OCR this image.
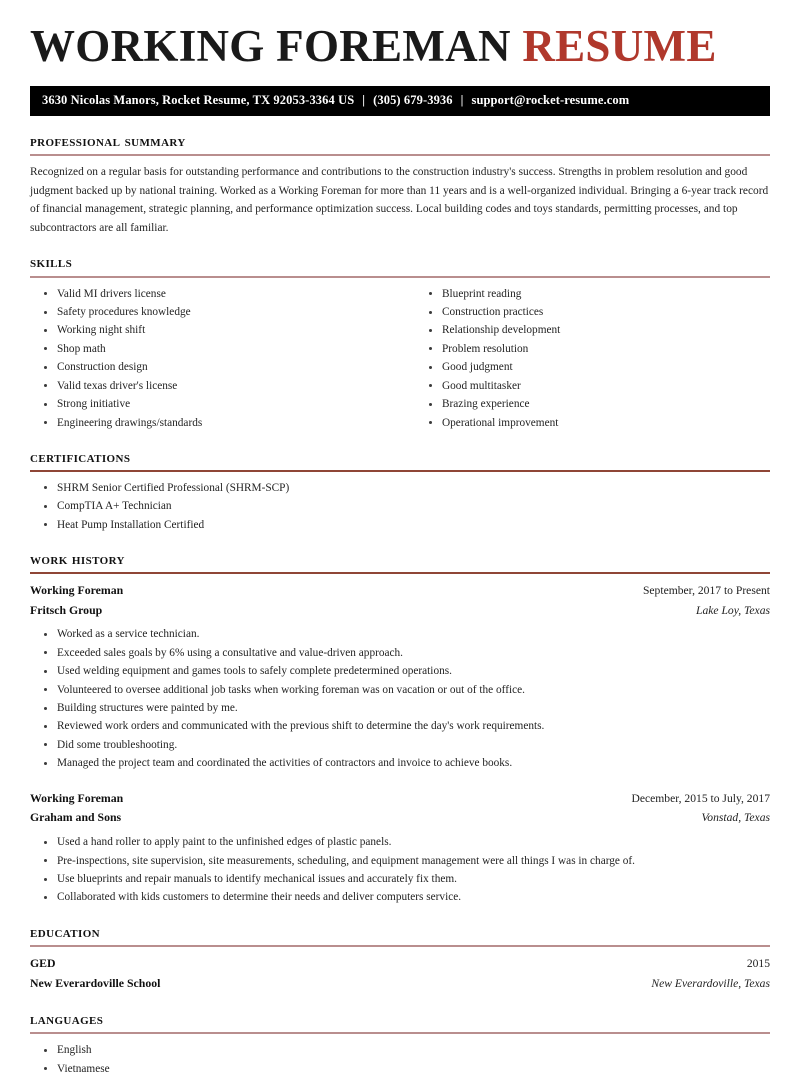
WORKING FOREMAN RESUME
3630 Nicolas Manors, Rocket Resume, TX 92053-3364 US | (305) 679-3936 | support@rocket-resume.com
professional summary

Recognized on a regular basis for outstanding performance and contributions to the construction industry's success. Strengths in problem resolution and good judgment backed up by national training. Worked as a Working Foreman for more than 11 years and is a well-organized individual. Bringing a 6-year track record of financial management, strategic planning, and performance optimization success. Local building codes and toys standards, permitting processes, and top subcontractors are all familiar.

skills
Valid MI drivers license
Safety procedures knowledge
Working night shift
Shop math
Construction design
Valid texas driver's license
Strong initiative
Engineering drawings/standards
Blueprint reading
Construction practices
Relationship development
Problem resolution
Good judgment
Good multitasker
Brazing experience
Operational improvement
certifications
SHRM Senior Certified Professional (SHRM-SCP)
CompTIA A+ Technician
Heat Pump Installation Certified
work history
Working Foreman	September, 2017 to Present
Fritsch Group	Lake Loy, Texas
Worked as a service technician.
Exceeded sales goals by 6% using a consultative and value-driven approach.
Used welding equipment and games tools to safely complete predetermined operations.
Volunteered to oversee additional job tasks when working foreman was on vacation or out of the office.
Building structures were painted by me.
Reviewed work orders and communicated with the previous shift to determine the day's work requirements.
Did some troubleshooting.
Managed the project team and coordinated the activities of contractors and invoice to achieve books.
Working Foreman	December, 2015 to July, 2017
Graham and Sons	Vonstad, Texas
Used a hand roller to apply paint to the unfinished edges of plastic panels.
Pre-inspections, site supervision, site measurements, scheduling, and equipment management were all things I was in charge of.
Use blueprints and repair manuals to identify mechanical issues and accurately fix them.
Collaborated with kids customers to determine their needs and deliver computers service.
education
GED	2015
New Everardoville School	New Everardoville, Texas
languages
English
Vietnamese
